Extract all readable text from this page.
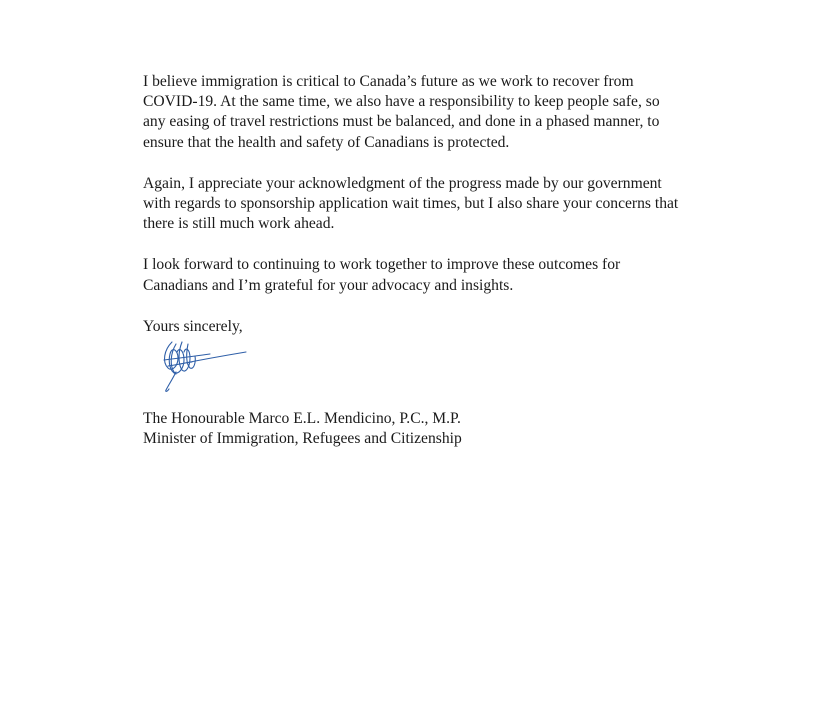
I believe immigration is critical to Canada’s future as we work to recover from
COVID-19. At the same time, we also have a responsibility to keep people safe, so
any easing of travel restrictions must be balanced, and done in a phased manner, to
ensure that the health and safety of Canadians is protected.

Again, I appreciate your acknowledgment of the progress made by our government
with regards to sponsorship application wait times, but I also share your concerns that
there is still much work ahead.

I look forward to continuing to work together to improve these outcomes for
Canadians and I’m grateful for your advocacy and insights.

Yours sincerely,

The Honourable Marco E.L. Mendicino, P.C., M.P.
Minister of Immigration, Refugees and Citizenship
